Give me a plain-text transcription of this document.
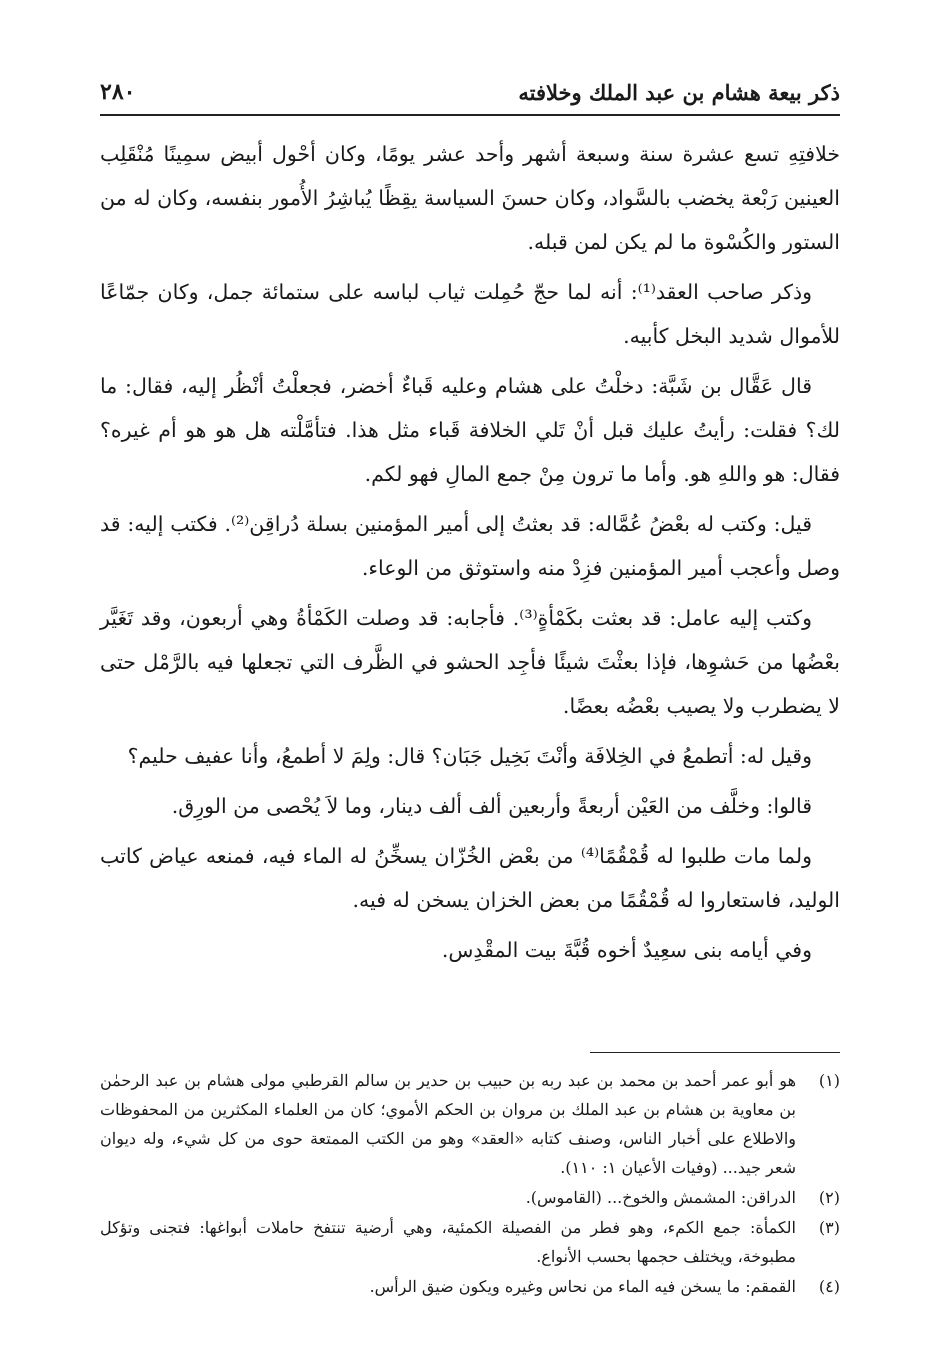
ذكر بيعة هشام بن عبد الملك وخلافته
٢٨٠

خلافتِهِ تسع عشرة سنة وسبعة أشهر وأحد عشر يومًا، وكان أحْول أبيض سمِينًا مُنْقَلِب العينين رَبْعة يخضب بالسَّواد، وكان حسنَ السياسة يقِظًا يُباشِرُ الأُمور بنفسه، وكان له من الستور والكُسْوة ما لم يكن لمن قبله.

وذكر صاحب العقد⁽¹⁾: أنه لما حجّ حُمِلت ثياب لباسه على ستمائة جمل، وكان جمّاعًا للأموال شديد البخل كأبيه.

قال عَقَّال بن شَبَّة: دخلْتُ على هشام وعليه قَباءٌ أخضر، فجعلْتُ أنْظُر إليه، فقال: ما لك؟ فقلت: رأيتُ عليك قبل أنْ تَلي الخلافة قَباء مثل هذا. فتأمَّلْته هل هو هو أم غيره؟ فقال: هو واللهِ هو. وأما ما ترون مِنْ جمع المالِ فهو لكم.

قيل: وكتب له بعْضُ عُمَّاله: قد بعثتُ إلى أمير المؤمنين بسلة دُراقِن⁽²⁾. فكتب إليه: قد وصل وأعجب أمير المؤمنين فزِدْ منه واستوثق من الوعاء.

وكتب إليه عامل: قد بعثت بكَمْأةٍ⁽³⁾. فأجابه: قد وصلت الكَمْأةُ وهي أربعون، وقد تَغَيَّر بعْضُها من حَشوِها، فإذا بعثْتَ شيئًا فأجِد الحشو في الظَّرف التي تجعلها فيه بالرَّمْل حتى لا يضطرب ولا يصيب بعْضُه بعضًا.

وقيل له: أتطمعُ في الخِلافَة وأنْتَ بَخِيل جَبَان؟ قال: ولِمَ لا أطمعُ، وأنا عفيف حليم؟

قالوا: وخلَّف من العَيْن أربعةً وأربعين ألف ألف دينار، وما لاَ يُحْصى من الورِق.

ولما مات طلبوا له قُمْقُمًا⁽⁴⁾ من بعْض الخُزّان يسخِّنُ له الماء فيه، فمنعه عياض كاتب الوليد، فاستعاروا له قُمْقُمًا من بعض الخزان يسخن له فيه.

وفي أيامه بنى سعِيدٌ أخوه قُبَّةَ بيت المقْدِس.

(١)
هو أبو عمر أحمد بن محمد بن عبد ربه بن حبيب بن حدير بن سالم القرطبي مولى هشام بن عبد الرحمٰن بن معاوية بن هشام بن عبد الملك بن مروان بن الحكم الأموي؛ كان من العلماء المكثرين من المحفوظات والاطلاع على أخبار الناس، وصنف كتابه «العقد» وهو من الكتب الممتعة حوى من كل شيء، وله ديوان شعر جيد... (وفيات الأعيان ١: ١١٠).
(٢)
الدراقن: المشمش والخوخ... (القاموس).
(٣)
الكمأة: جمع الكمء، وهو فطر من الفصيلة الكمئية، وهي أرضية تنتفخ حاملات أبواغها: فتجنى وتؤكل مطبوخة، ويختلف حجمها بحسب الأنواع.
(٤)
القمقم: ما يسخن فيه الماء من نحاس وغيره ويكون ضيق الرأس.
